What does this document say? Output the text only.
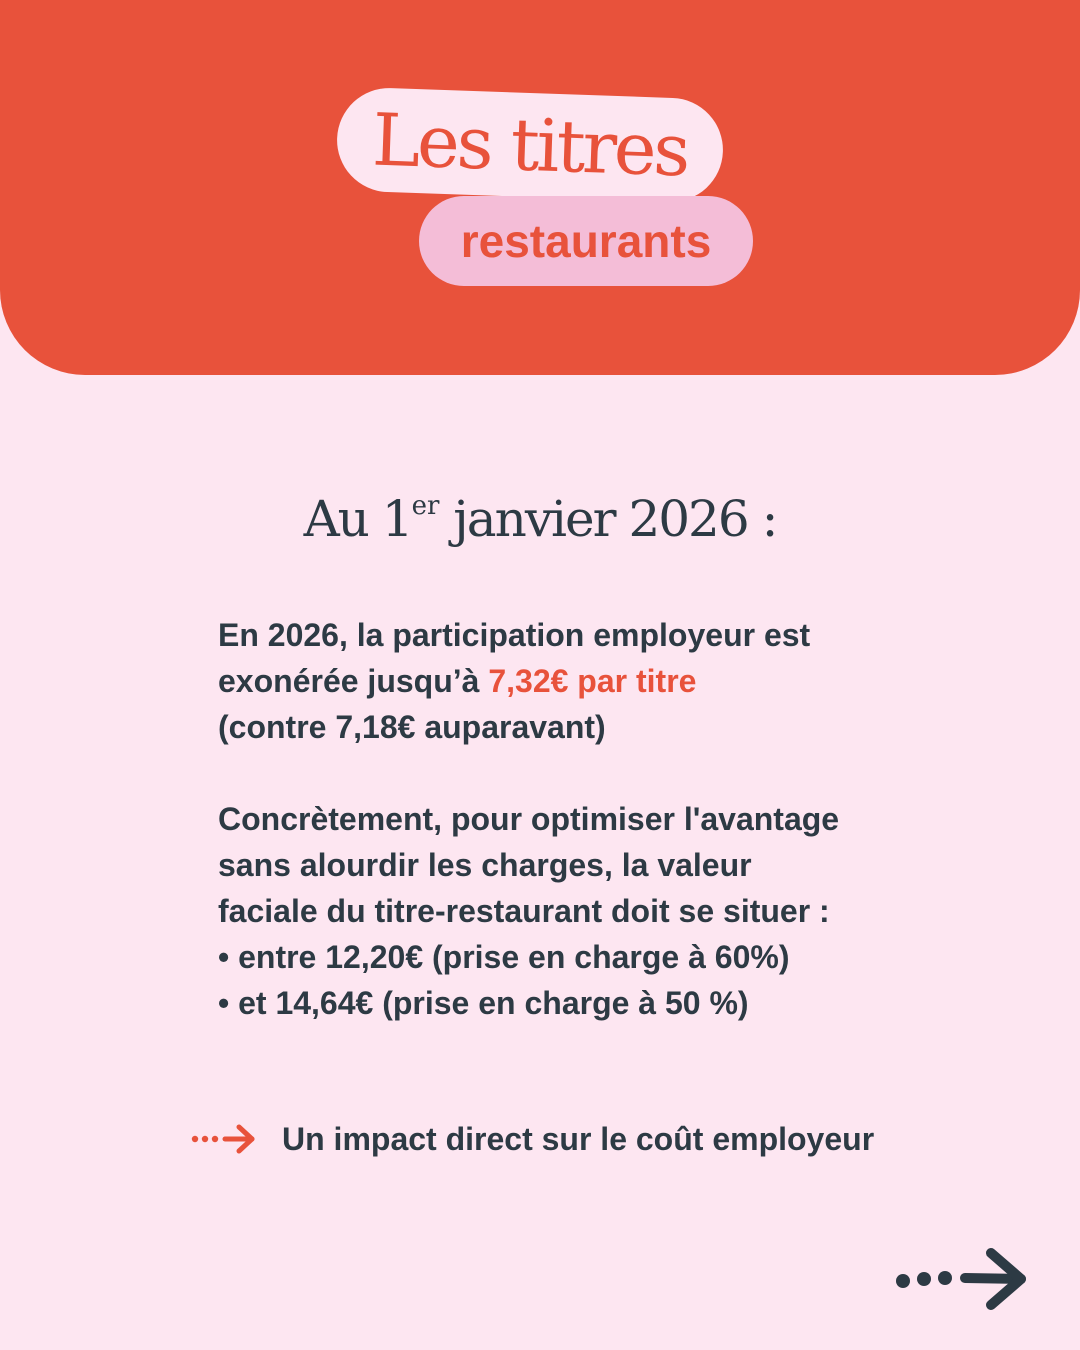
Les titres
restaurants
Au 1er janvier 2026 :

En 2026, la participation employeur est

exonérée jusqu’à 7,32€ par titre

(contre 7,18€ auparavant)

Concrètement, pour optimiser l'avantage

sans alourdir les charges, la valeur

faciale du titre-restaurant doit se situer :

• entre 12,20€ (prise en charge à 60%)

• et 14,64€ (prise en charge à 50 %)

Un impact direct sur le coût employeur
